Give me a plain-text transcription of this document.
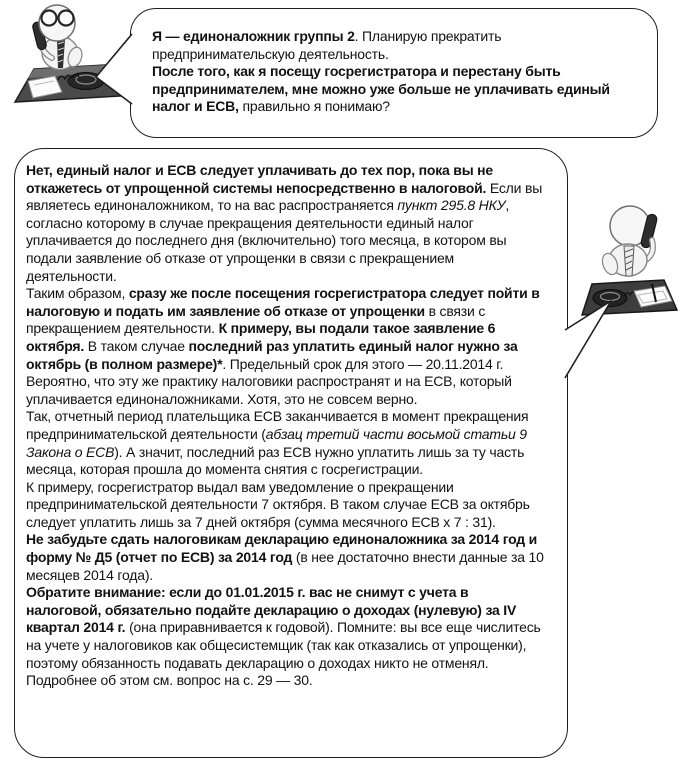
Я — единоналожник группы 2. Планирую прекратить предпринимательскую деятельность.

После того, как я посещу госрегистратора и перестану быть предпринимателем, мне можно уже больше не уплачивать единый налог и ЕСВ, правильно я понимаю?

Нет, единый налог и ЕСВ следует уплачивать до тех пор, пока вы не откажетесь от упрощенной системы непосредственно в налоговой. Если вы являетесь единоналожником, то на вас распространяется пункт 295.8 НКУ, согласно которому в случае прекращения деятельности единый налог уплачивается до последнего дня (включительно) того месяца, в котором вы подали заявление об отказе от упрощенки в связи с прекращением деятельности.

Таким образом, сразу же после посещения госрегистратора следует пойти в налоговую и подать им заявление об отказе от упрощенки в связи с прекращением деятельности. К примеру, вы подали такое заявление 6 октября. В таком случае последний раз уплатить единый налог нужно за октябрь (в полном размере)*. Предельный срок для этого — 20.11.2014 г.

Вероятно, что эту же практику налоговики распространят и на ЕСВ, который уплачивается единоналожниками. Хотя, это не совсем верно.

Так, отчетный период плательщика ЕСВ заканчивается в момент прекращения предпринимательской деятельности (абзац третий части восьмой статьи 9 Закона о ЕСВ). А значит, последний раз ЕСВ нужно уплатить лишь за ту часть месяца, которая прошла до момента снятия с госрегистрации.

К примеру, госрегистратор выдал вам уведомление о прекращении предпринимательской деятельности 7 октября. В таком случае ЕСВ за октябрь следует уплатить лишь за 7 дней октября (сумма месячного ЕСВ х 7 : 31).

Не забудьте сдать налоговикам декларацию единоналожника за 2014 год и форму № Д5 (отчет по ЕСВ) за 2014 год (в нее достаточно внести данные за 10 месяцев 2014 года).

Обратите внимание: если до 01.01.2015 г. вас не снимут с учета в налоговой, обязательно подайте декларацию о доходах (нулевую) за IV квартал 2014 г. (она приравнивается к годовой). Помните: вы все еще числитесь на учете у налоговиков как общесистемщик (так как отказались от упрощенки), поэтому обязанность подавать декларацию о доходах никто не отменял. Подробнее об этом см. вопрос на с. 29 — 30.
